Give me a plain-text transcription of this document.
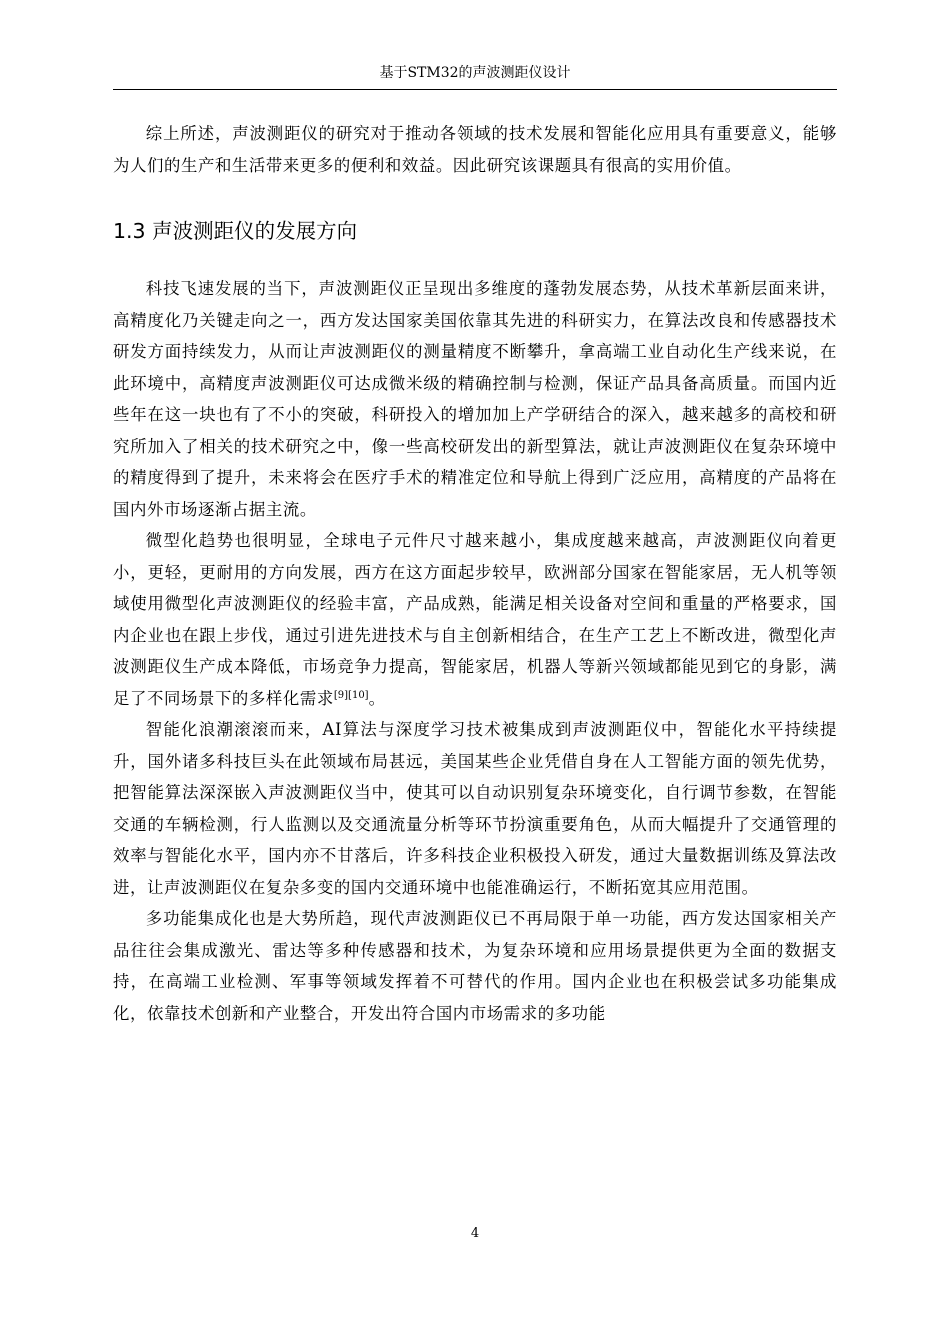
基于STM32的声波测距仪设计

综上所述，声波测距仪的研究对于推动各领域的技术发展和智能化应用具有重要意义，能够为人们的生产和生活带来更多的便利和效益。因此研究该课题具有很高的实用价值。

1.3 声波测距仪的发展方向

科技飞速发展的当下，声波测距仪正呈现出多维度的蓬勃发展态势，从技术革新层面来讲，高精度化乃关键走向之一，西方发达国家美国依靠其先进的科研实力，在算法改良和传感器技术研发方面持续发力，从而让声波测距仪的测量精度不断攀升，拿高端工业自动化生产线来说，在此环境中，高精度声波测距仪可达成微米级的精确控制与检测，保证产品具备高质量。而国内近些年在这一块也有了不小的突破，科研投入的增加加上产学研结合的深入，越来越多的高校和研究所加入了相关的技术研究之中，像一些高校研发出的新型算法，就让声波测距仪在复杂环境中的精度得到了提升，未来将会在医疗手术的精准定位和导航上得到广泛应用，高精度的产品将在国内外市场逐渐占据主流。

微型化趋势也很明显，全球电子元件尺寸越来越小，集成度越来越高，声波测距仪向着更小，更轻，更耐用的方向发展，西方在这方面起步较早，欧洲部分国家在智能家居，无人机等领域使用微型化声波测距仪的经验丰富，产品成熟，能满足相关设备对空间和重量的严格要求，国内企业也在跟上步伐，通过引进先进技术与自主创新相结合，在生产工艺上不断改进，微型化声波测距仪生产成本降低，市场竞争力提高，智能家居，机器人等新兴领域都能见到它的身影，满足了不同场景下的多样化需求[9][10]。

智能化浪潮滚滚而来，AI算法与深度学习技术被集成到声波测距仪中，智能化水平持续提升，国外诸多科技巨头在此领域布局甚远，美国某些企业凭借自身在人工智能方面的领先优势，把智能算法深深嵌入声波测距仪当中，使其可以自动识别复杂环境变化，自行调节参数，在智能交通的车辆检测，行人监测以及交通流量分析等环节扮演重要角色，从而大幅提升了交通管理的效率与智能化水平，国内亦不甘落后，许多科技企业积极投入研发，通过大量数据训练及算法改进，让声波测距仪在复杂多变的国内交通环境中也能准确运行，不断拓宽其应用范围。

多功能集成化也是大势所趋，现代声波测距仪已不再局限于单一功能，西方发达国家相关产品往往会集成激光、雷达等多种传感器和技术，为复杂环境和应用场景提供更为全面的数据支持，在高端工业检测、军事等领域发挥着不可替代的作用。国内企业也在积极尝试多功能集成化，依靠技术创新和产业整合，开发出符合国内市场需求的多功能

4
